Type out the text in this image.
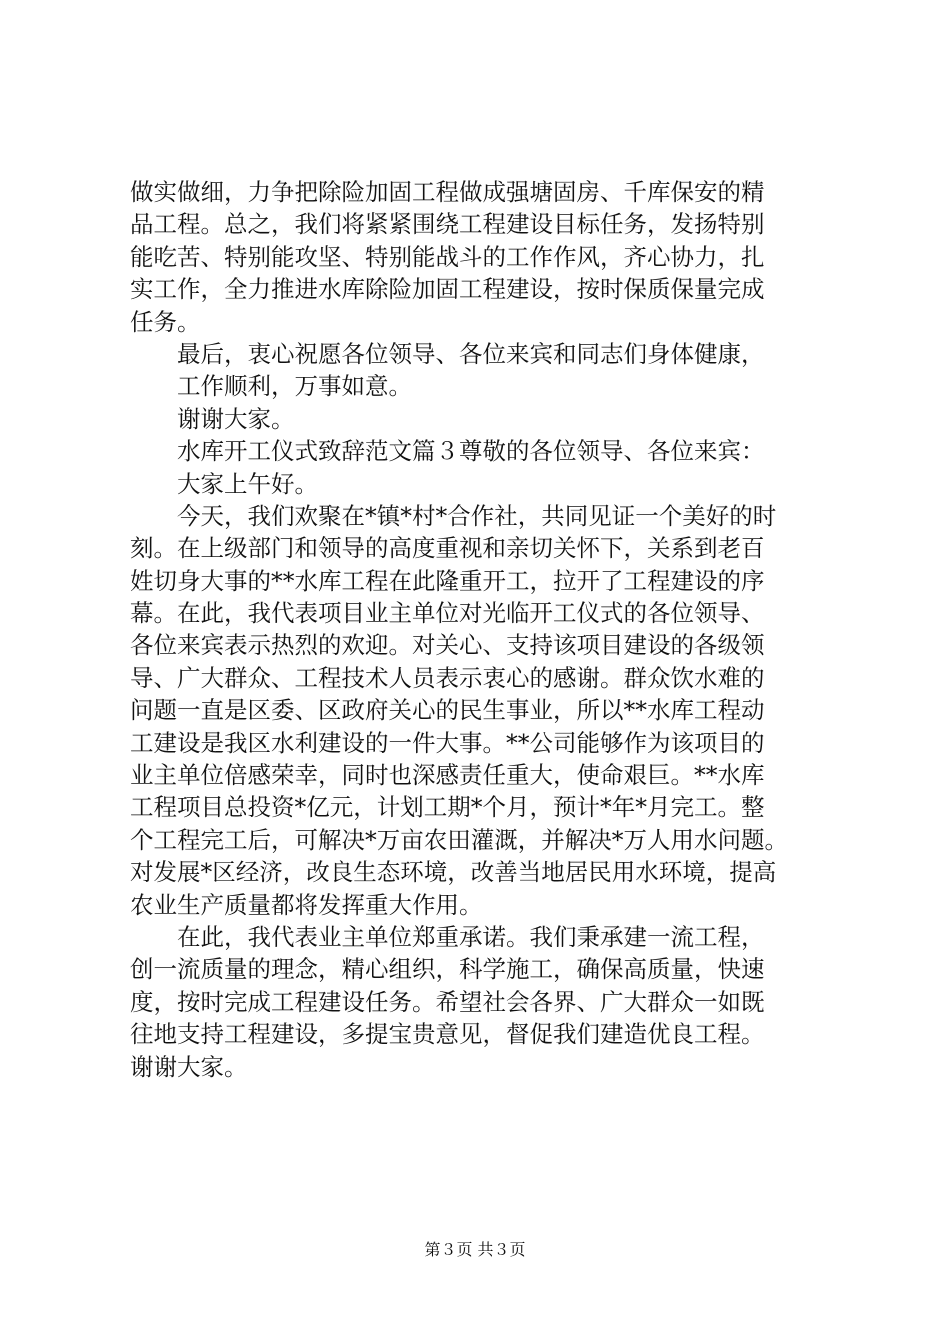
做实做细，力争把除险加固工程做成强塘固房、千库保安的精
品工程。总之，我们将紧紧围绕工程建设目标任务，发扬特别
能吃苦、特别能攻坚、特别能战斗的工作作风，齐心协力，扎
实工作，全力推进水库除险加固工程建设，按时保质保量完成
任务。
最后，衷心祝愿各位领导、各位来宾和同志们身体健康，
工作顺利，万事如意。
谢谢大家。
水库开工仪式致辞范文篇３尊敬的各位领导、各位来宾：
大家上午好。
今天，我们欢聚在*镇*村*合作社，共同见证一个美好的时
刻。在上级部门和领导的高度重视和亲切关怀下，关系到老百
姓切身大事的**水库工程在此隆重开工，拉开了工程建设的序
幕。在此，我代表项目业主单位对光临开工仪式的各位领导、
各位来宾表示热烈的欢迎。对关心、支持该项目建设的各级领
导、广大群众、工程技术人员表示衷心的感谢。群众饮水难的
问题一直是区委、区政府关心的民生事业，所以**水库工程动
工建设是我区水利建设的一件大事。**公司能够作为该项目的
业主单位倍感荣幸，同时也深感责任重大，使命艰巨。**水库
工程项目总投资*亿元，计划工期*个月，预计*年*月完工。整
个工程完工后，可解决*万亩农田灌溉，并解决*万人用水问题。
对发展*区经济，改良生态环境，改善当地居民用水环境，提高
农业生产质量都将发挥重大作用。
在此，我代表业主单位郑重承诺。我们秉承建一流工程，
创一流质量的理念，精心组织，科学施工，确保高质量，快速
度，按时完成工程建设任务。希望社会各界、广大群众一如既
往地支持工程建设，多提宝贵意见，督促我们建造优良工程。
谢谢大家。
第３页 共３页
